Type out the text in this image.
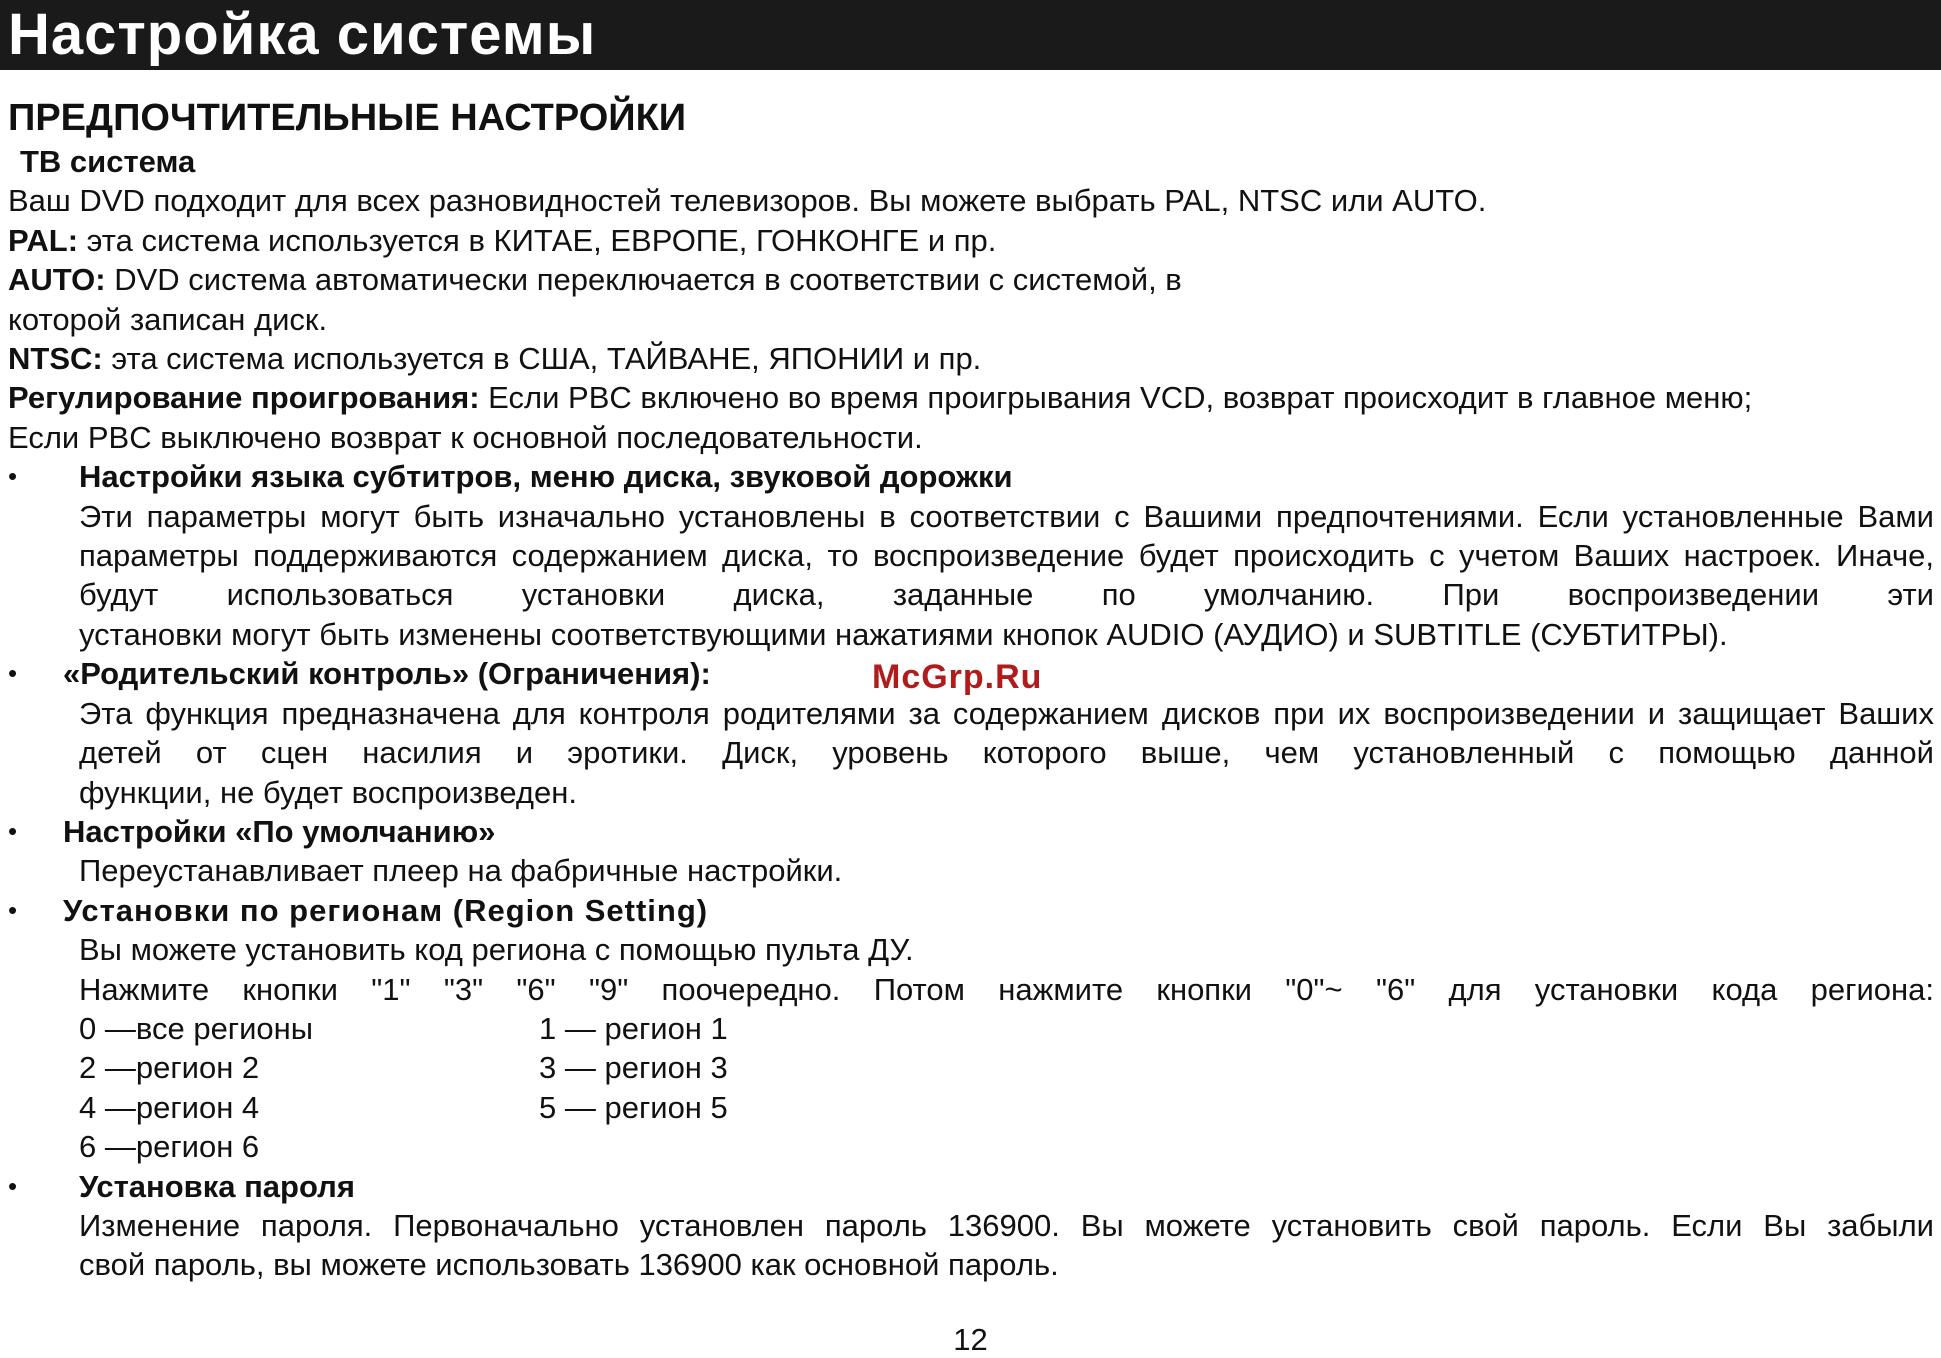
Настройка системы
ПРЕДПОЧТИТЕЛЬНЫЕ НАСТРОЙКИ
ТВ система
Ваш DVD подходит для всех разновидностей телевизоров. Вы можете выбрать PAL, NTSC или AUTO.
PAL: эта система используется в КИТАЕ, ЕВРОПЕ, ГОНКОНГЕ и пр.
AUTO: DVD система автоматически переключается в соответствии с системой, в
которой записан диск.
NTSC: эта система используется в США, ТАЙВАНЕ, ЯПОНИИ и пр.
Регулирование проигрования: Если PBC включено во время проигрывания VCD, возврат происходит в главное меню;
Если PBC выключено возврат к основной последовательности.
•	Настройки языка субтитров, меню диска, звуковой дорожки
Эти параметры могут быть изначально установлены в соответствии с Вашими предпочтениями. Если установленные Вами параметры поддерживаются содержанием диска, то воспроизведение будет происходить с учетом Ваших настроек. Иначе, будут использоваться установки диска, заданные по умолчанию. При воспроизведении эти
установки могут быть изменены соответствующими нажатиями кнопок AUDIO (АУДИО) и SUBTITLE (СУБТИТРЫ).
•	«Родительский контроль» (Ограничения):
Эта функция предназначена для контроля родителями за содержанием дисков при их воспроизведении и защищает Ваших детей от сцен насилия и эротики. Диск, уровень которого выше, чем установленный с помощью данной
функции, не будет воспроизведен.
•	Настройки «По умолчанию»
Переустанавливает плеер на фабричные настройки.
•	Установки по регионам (Region Setting)
Вы можете установить код региона с помощью пульта ДУ.
Нажмите кнопки "1" "3" "6" "9" поочередно. Потом нажмите кнопки "0"~ "6" для установки кода региона:
0 —все регионы	1 — регион 1
2 —регион 2	3 — регион 3
4 —регион 4	5 — регион 5
6 —регион 6
•	Установка пароля
Изменение пароля. Первоначально установлен пароль 136900. Вы можете установить свой пароль. Если Вы забыли
свой пароль, вы можете использовать 136900 как основной пароль.
McGrp.Ru
12
